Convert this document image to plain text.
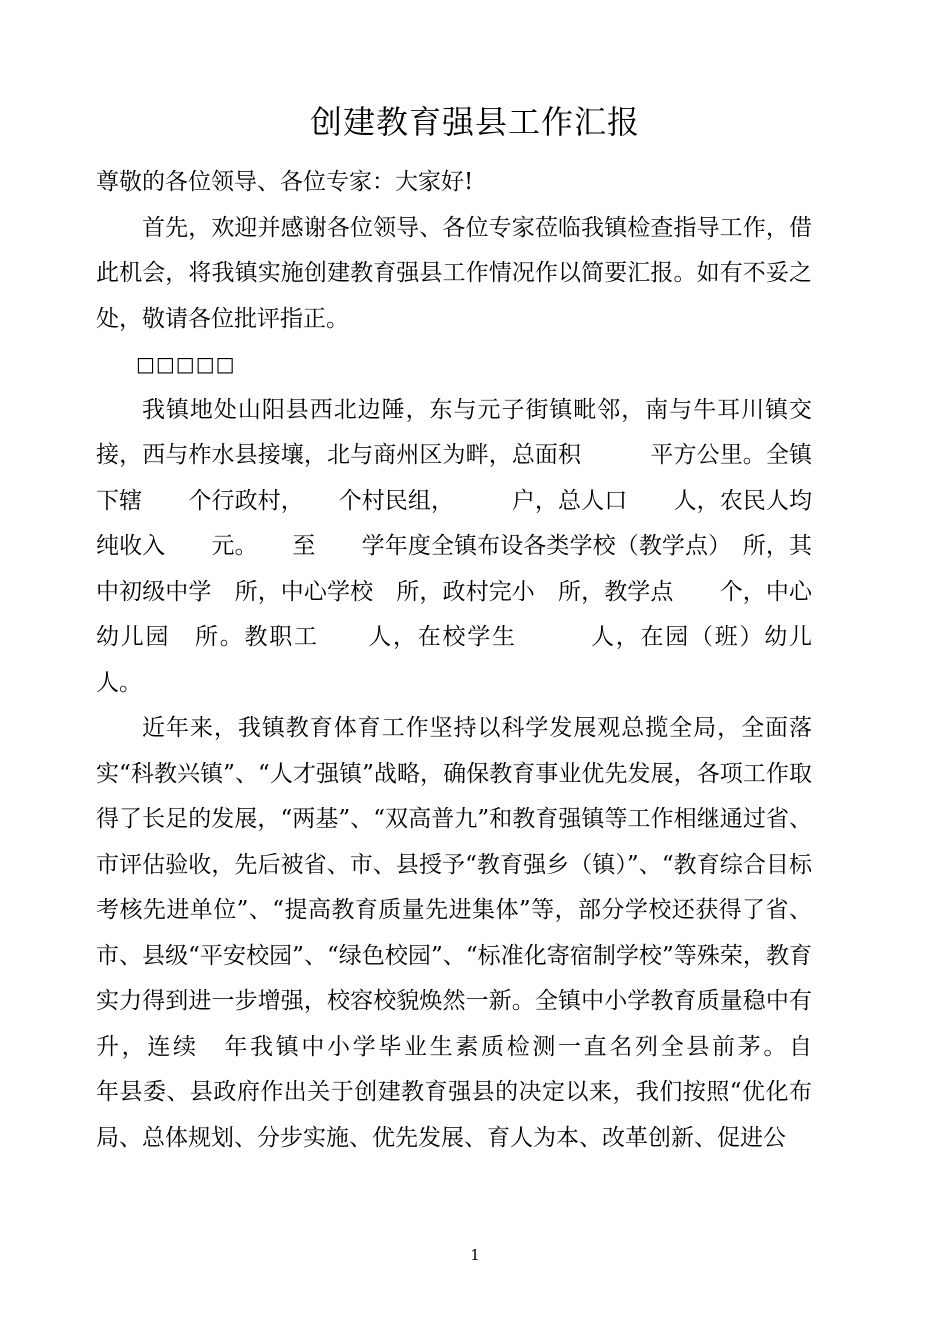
创建教育强县工作汇报

尊敬的各位领导、各位专家：大家好!

首先，欢迎并感谢各位领导、各位专家莅临我镇检查指导工作，借此机会，将我镇实施创建教育强县工作情况作以简要汇报。如有不妥之处，敬请各位批评指正。

□□□□□

我镇地处山阳县西北边陲，东与元子街镇毗邻，南与牛耳川镇交接，西与柞水县接壤，北与商州区为畔，总面积　　　平方公里。全镇下辖　　个行政村，　　个村民组，　　　户，总人口　　人，农民人均纯收入　　元。　　至　　学年度全镇布设各类学校（教学点）　所，其中初级中学　所，中心学校　所，政村完小　所，教学点　　个，中心幼儿园　所。教职工　　人，在校学生　　　人，在园（班）幼儿　　人。

近年来，我镇教育体育工作坚持以科学发展观总揽全局，全面落实“科教兴镇”、“人才强镇”战略，确保教育事业优先发展，各项工作取得了长足的发展，“两基”、“双高普九”和教育强镇等工作相继通过省、市评估验收，先后被省、市、县授予“教育强乡（镇）”、“教育综合目标考核先进单位”、“提高教育质量先进集体”等，部分学校还获得了省、市、县级“平安校园”、“绿色校园”、“标准化寄宿制学校”等殊荣，教育实力得到进一步增强，校容校貌焕然一新。全镇中小学教育质量稳中有升，连续　年我镇中小学毕业生素质检测一直名列全县前茅。自　　　年县委、县政府作出关于创建教育强县的决定以来，我们按照“优化布局、总体规划、分步实施、优先发展、育人为本、改革创新、促进公

1
